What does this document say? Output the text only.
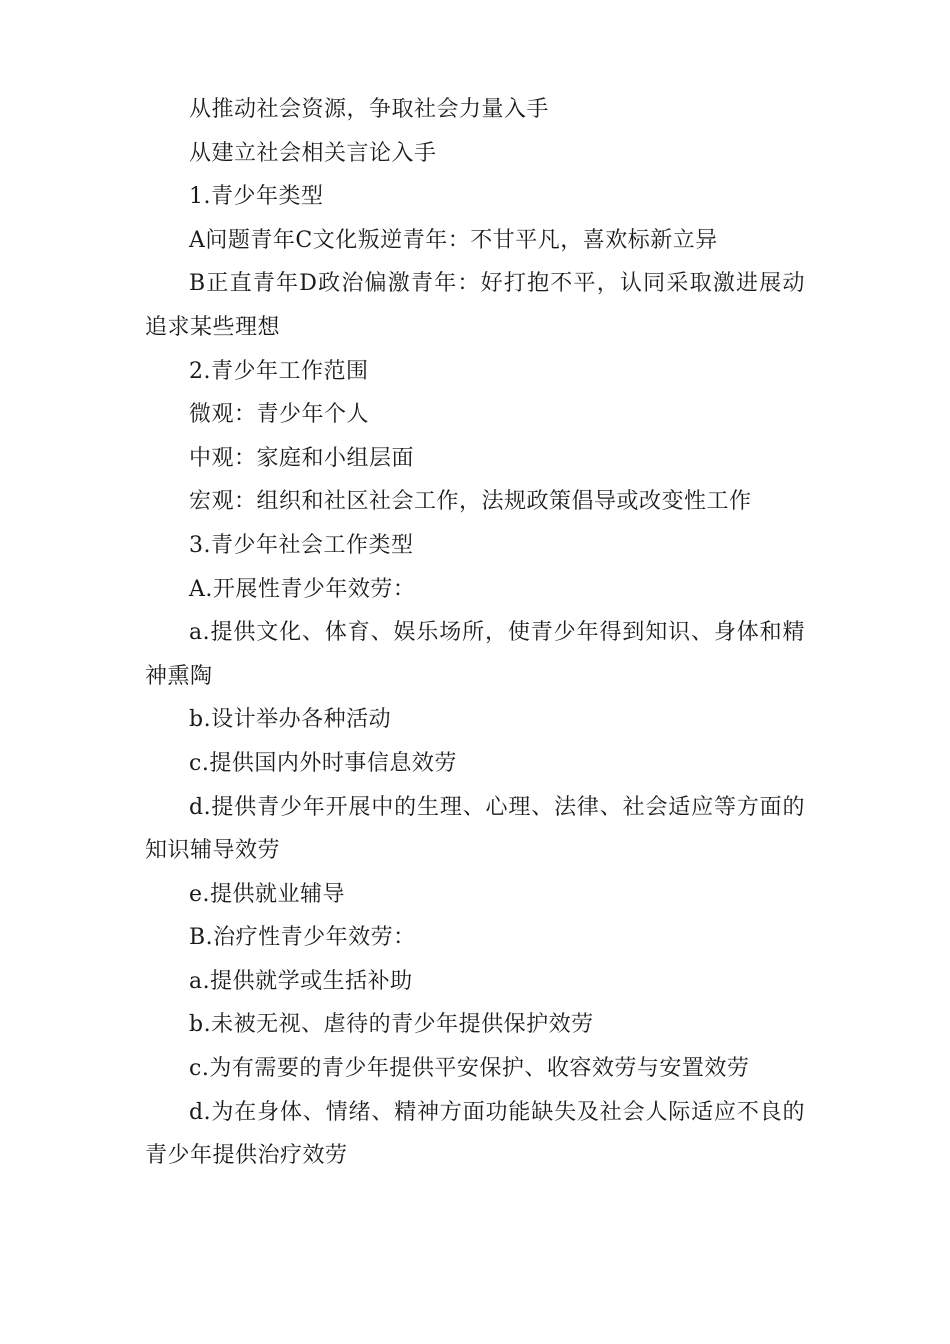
从推动社会资源，争取社会力量入手

从建立社会相关言论入手

1.青少年类型

A问题青年C文化叛逆青年：不甘平凡，喜欢标新立异

B正直青年D政治偏激青年：好打抱不平，认同采取激进展动追求某些理想

2.青少年工作范围

微观：青少年个人

中观：家庭和小组层面

宏观：组织和社区社会工作，法规政策倡导或改变性工作

3.青少年社会工作类型

A.开展性青少年效劳：

a.提供文化、体育、娱乐场所，使青少年得到知识、身体和精神熏陶

b.设计举办各种活动

c.提供国内外时事信息效劳

d.提供青少年开展中的生理、心理、法律、社会适应等方面的知识辅导效劳

e.提供就业辅导

B.治疗性青少年效劳：

a.提供就学或生括补助

b.未被无视、虐待的青少年提供保护效劳

c.为有需要的青少年提供平安保护、收容效劳与安置效劳

d.为在身体、情绪、精神方面功能缺失及社会人际适应不良的青少年提供治疗效劳
